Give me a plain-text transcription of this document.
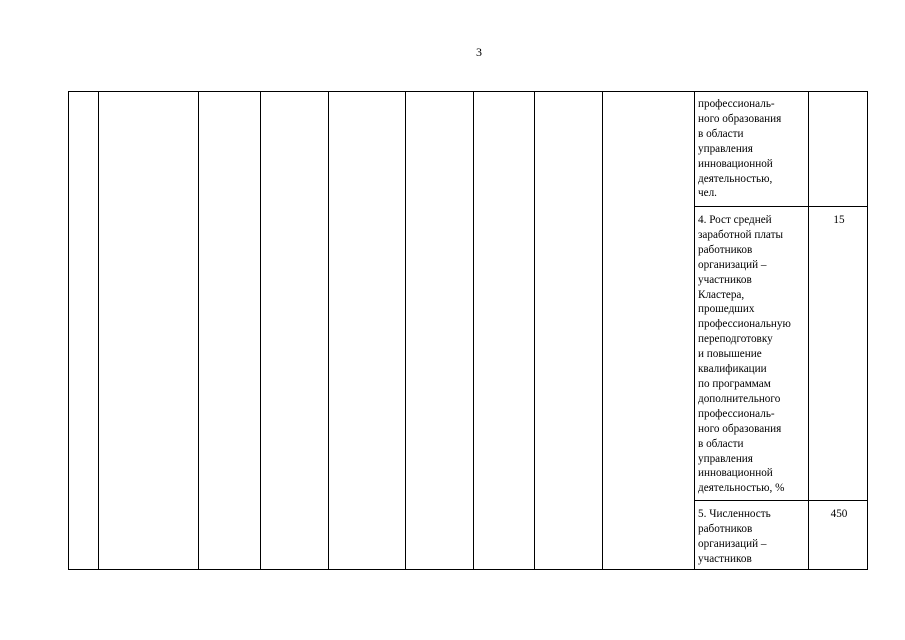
3
профессиональ-
ного образования
в области
управления
инновационной
деятельностью,
чел.
4. Рост средней
заработной платы
работников
организаций –
участников
Кластера,
прошедших
профессиональную
переподготовку
и повышение
квалификации
по программам
дополнительного
профессиональ-
ного образования
в области
управления
инновационной
деятельностью, %
15
5. Численность
работников
организаций –
участников
450
